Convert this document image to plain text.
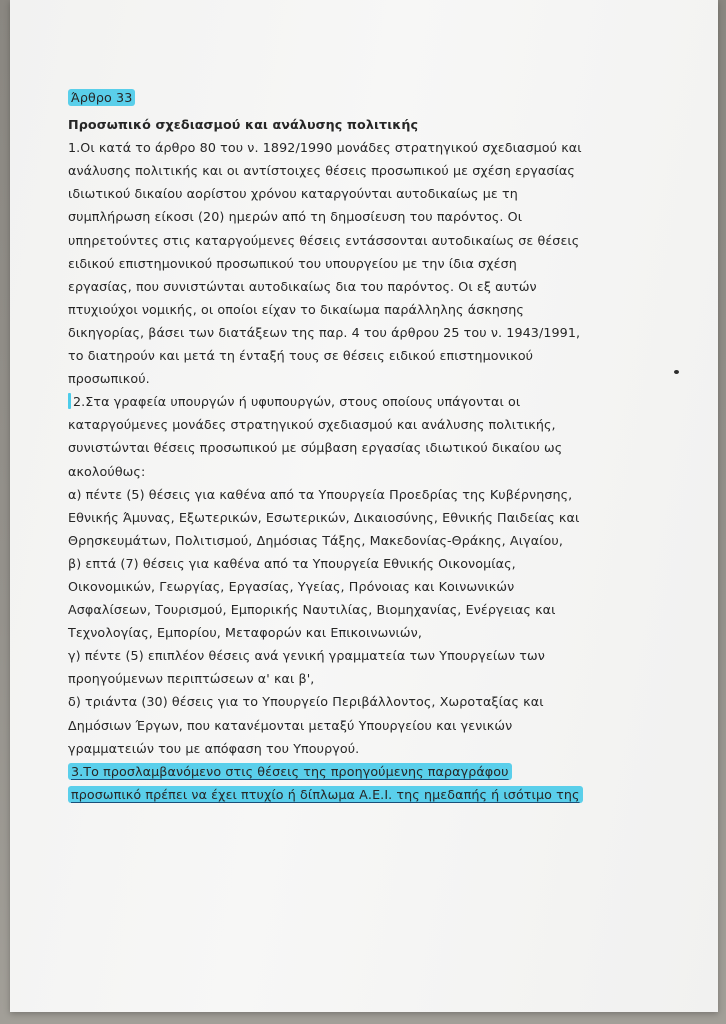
Άρθρο 33
Προσωπικό σχεδιασμού και ανάλυσης πολιτικής
1.Οι κατά το άρθρο 80 του ν. 1892/1990 μονάδες στρατηγικού σχεδιασμού και
ανάλυσης πολιτικής και οι αντίστοιχες θέσεις προσωπικού με σχέση εργασίας
ιδιωτικού δικαίου αορίστου χρόνου καταργούνται αυτοδικαίως με τη
συμπλήρωση είκοσι (20) ημερών από τη δημοσίευση του παρόντος. Οι
υπηρετούντες στις καταργούμενες θέσεις εντάσσονται αυτοδικαίως σε θέσεις
ειδικού επιστημονικού προσωπικού του υπουργείου με την ίδια σχέση
εργασίας, που συνιστώνται αυτοδικαίως δια του παρόντος. Οι εξ αυτών
πτυχιούχοι νομικής, οι οποίοι είχαν το δικαίωμα παράλληλης άσκησης
δικηγορίας, βάσει των διατάξεων της παρ. 4 του άρθρου 25 του ν. 1943/1991,
το διατηρούν και μετά τη ένταξή τους σε θέσεις ειδικού επιστημονικού
προσωπικού.
2.Στα γραφεία υπουργών ή υφυπουργών, στους οποίους υπάγονται οι
καταργούμενες μονάδες στρατηγικού σχεδιασμού και ανάλυσης πολιτικής,
συνιστώνται θέσεις προσωπικού με σύμβαση εργασίας ιδιωτικού δικαίου ως
ακολούθως:
α) πέντε (5) θέσεις για καθένα από τα Υπουργεία Προεδρίας της Κυβέρνησης,
Εθνικής Άμυνας, Εξωτερικών, Εσωτερικών, Δικαιοσύνης, Εθνικής Παιδείας και
Θρησκευμάτων, Πολιτισμού, Δημόσιας Τάξης, Μακεδονίας-Θράκης, Αιγαίου,
β) επτά (7) θέσεις για καθένα από τα Υπουργεία Εθνικής Οικονομίας,
Οικονομικών, Γεωργίας, Εργασίας, Υγείας, Πρόνοιας και Κοινωνικών
Ασφαλίσεων, Τουρισμού, Εμπορικής Ναυτιλίας, Βιομηχανίας, Ενέργειας και
Τεχνολογίας, Εμπορίου, Μεταφορών και Επικοινωνιών,
γ) πέντε (5) επιπλέον θέσεις ανά γενική γραμματεία των Υπουργείων των
προηγούμενων περιπτώσεων α' και β',
δ) τριάντα (30) θέσεις για το Υπουργείο Περιβάλλοντος, Χωροταξίας και
Δημόσιων Έργων, που κατανέμονται μεταξύ Υπουργείου και γενικών
γραμματειών του με απόφαση του Υπουργού.
3.Το προσλαμβανόμενο στις θέσεις της προηγούμενης παραγράφου
προσωπικό πρέπει να έχει πτυχίο ή δίπλωμα Α.Ε.Ι. της ημεδαπής ή ισότιμο της
